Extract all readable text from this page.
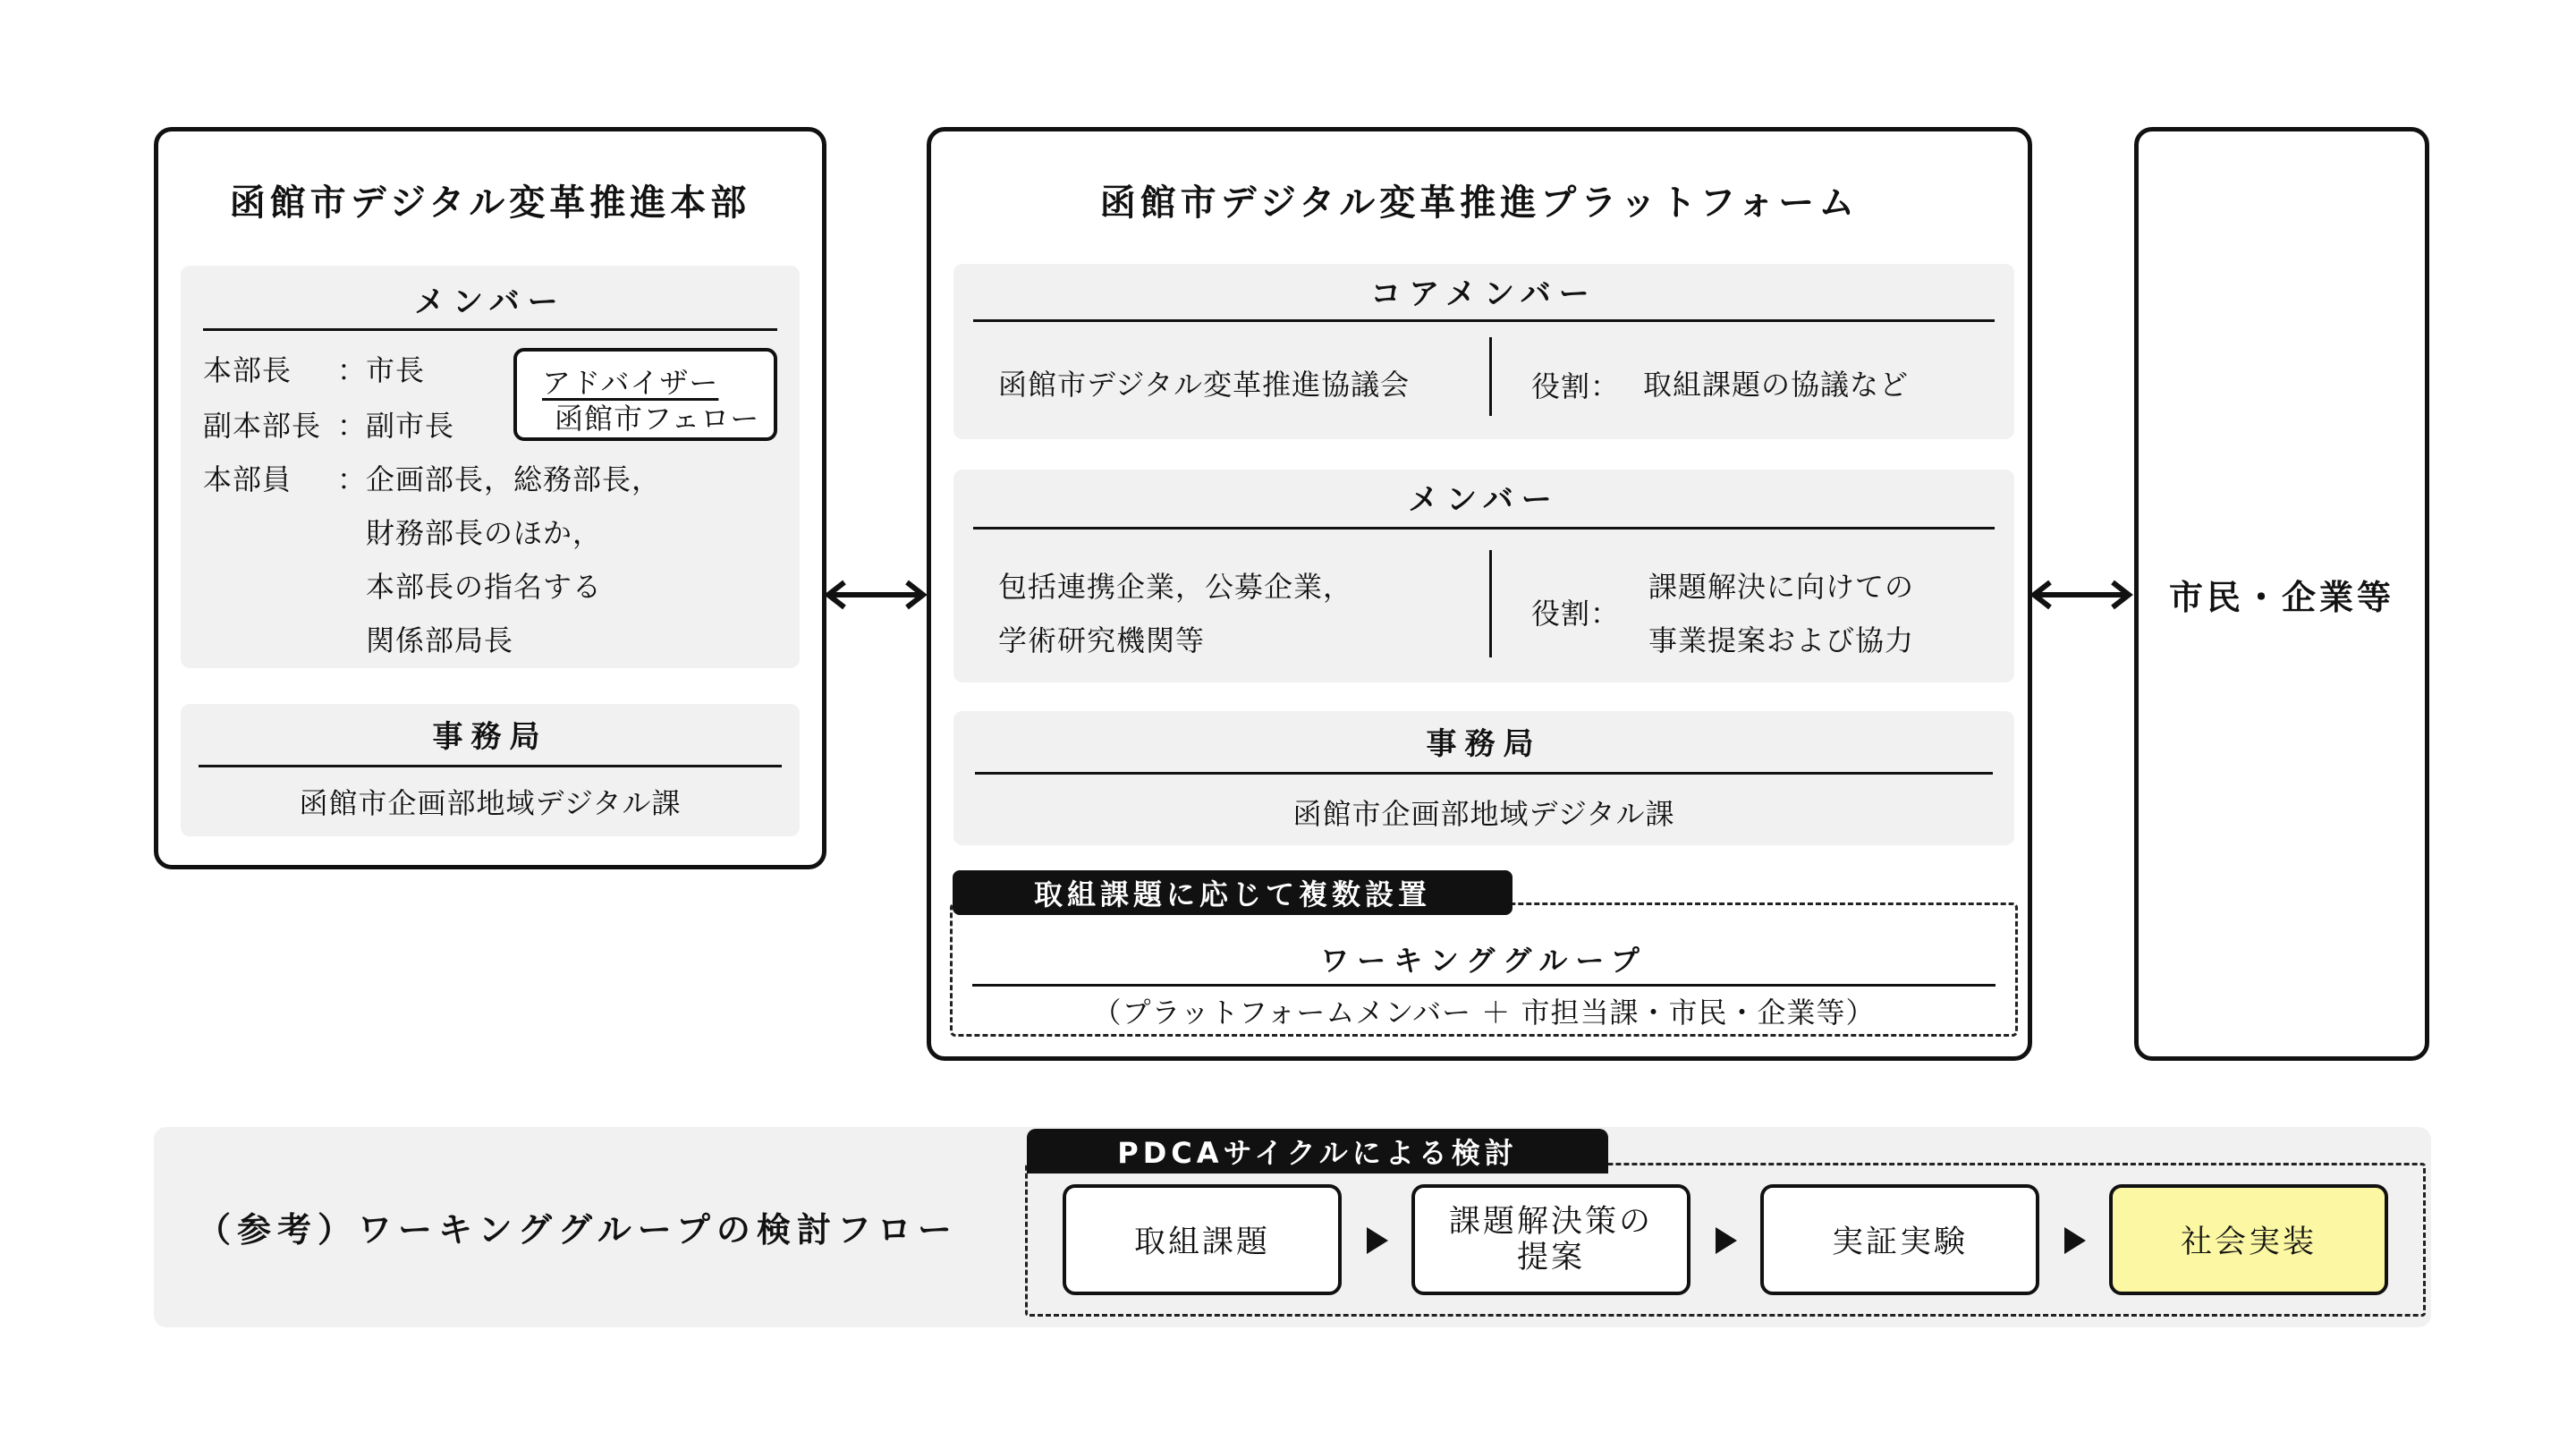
函館市デジタル変革推進本部
メンバー
本部長 ：
市長
副本部長 ：
副市長
本部員 ：
企画部長，総務部長，
財務部長のほか，
本部長の指名する
関係部局長
アドバイザー
函館市フェロー
事務局
函館市企画部地域デジタル課
函館市デジタル変革推進プラットフォーム
コアメンバー
函館市デジタル変革推進協議会	役割： 取組課題の協議など
メンバー
包括連携企業，公募企業，
学術研究機関等
役割：
課題解決に向けての
事業提案および協力
事務局
函館市企画部地域デジタル課
ワーキンググループ
（プラットフォームメンバー ＋ 市担当課・市民・企業等）
取組課題に応じて複数設置
市民・企業等
（参考）ワーキンググループの検討フロー
PDCAサイクルによる検討
取組課題
課題解決策の
提案	実証実験	社会実装
